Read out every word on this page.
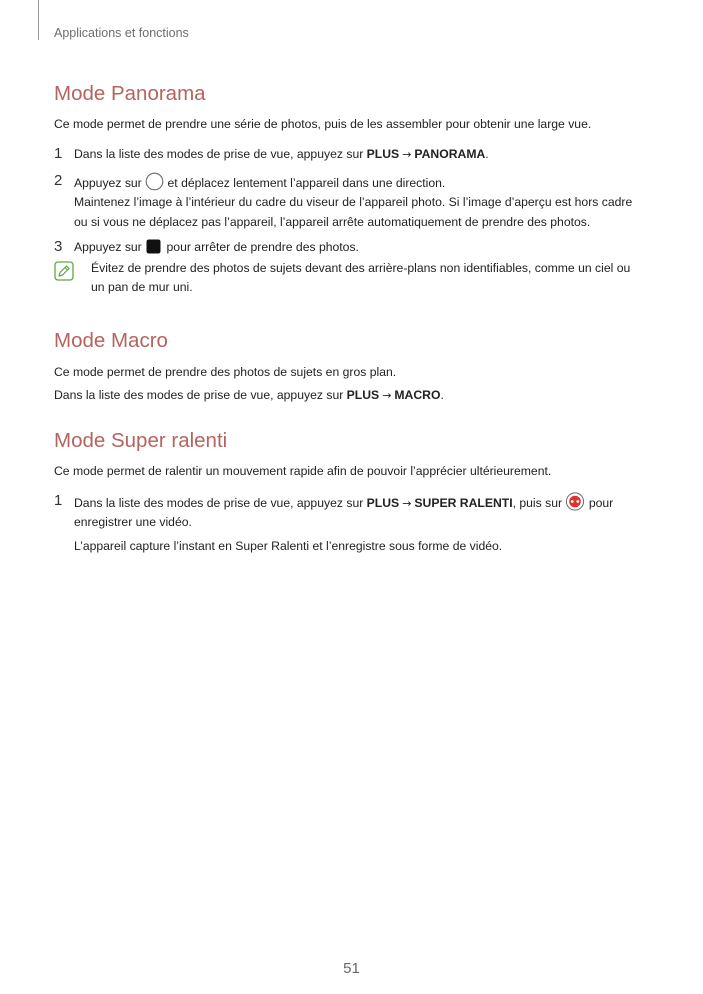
Applications et fonctions
Mode Panorama

Ce mode permet de prendre une série de photos, puis de les assembler pour obtenir une large vue.

1 Dans la liste des modes de prise de vue, appuyez sur PLUS → PANORAMA.
2 Appuyez sur  et déplacez lentement l’appareil dans une direction.
Maintenez l’image à l’intérieur du cadre du viseur de l’appareil photo. Si l’image d’aperçu est hors cadre
ou si vous ne déplacez pas l’appareil, l’appareil arrête automatiquement de prendre des photos.
3 Appuyez sur  pour arrêter de prendre des photos.
Évitez de prendre des photos de sujets devant des arrière-plans non identifiables, comme un ciel ou
un pan de mur uni.
Mode Macro

Ce mode permet de prendre des photos de sujets en gros plan.

Dans la liste des modes de prise de vue, appuyez sur PLUS → MACRO.

Mode Super ralenti

Ce mode permet de ralentir un mouvement rapide afin de pouvoir l’apprécier ultérieurement.

1 Dans la liste des modes de prise de vue, appuyez sur PLUS → SUPER RALENTI, puis sur  pour
enregistrer une vidéo.
L’appareil capture l’instant en Super Ralenti et l’enregistre sous forme de vidéo.
51
